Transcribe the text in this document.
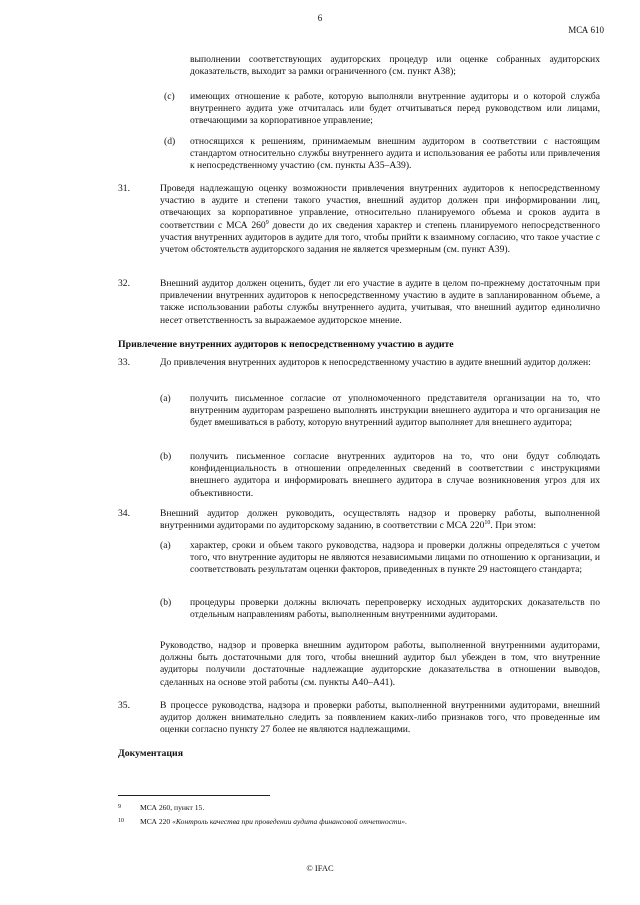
6
МСА 610

выполнении соответствующих аудиторских процедур или оценке собранных аудиторских доказательств, выходит за рамки ограниченного (см. пункт А38);

(c) имеющих отношение к работе, которую выполняли внутренние аудиторы и о которой служба внутреннего аудита уже отчиталась или будет отчитываться перед руководством или лицами, отвечающими за корпоративное управление;

(d) относящихся к решениям, принимаемым внешним аудитором в соответствии с настоящим стандартом относительно службы внутреннего аудита и использования ее работы или привлечения к непосредственному участию (см. пункты А35–А39).

31.	Проведя надлежащую оценку возможности привлечения внутренних аудиторов к непосредственному участию в аудите и степени такого участия, внешний аудитор должен при информировании лиц, отвечающих за корпоративное управление, относительно планируемого объема и сроков аудита в соответствии с МСА $260^9$ довести до их сведения характер и степень планируемого непосредственного участия внутренних аудиторов в аудите для того, чтобы прийти к взаимному согласию, что такое участие с учетом обстоятельств аудиторского задания не является чрезмерным (см. пункт А39).

32.	Внешний аудитор должен оценить, будет ли его участие в аудите в целом по-прежнему достаточным при привлечении внутренних аудиторов к непосредственному участию в аудите в запланированном объеме, а также использовании работы службы внутреннего аудита, учитывая, что внешний аудитор единолично несет ответственность за выражаемое аудиторское мнение.

Привлечение внутренних аудиторов к непосредственному участию в аудите
33.	До привлечения внутренних аудиторов к непосредственному участию в аудите внешний аудитор должен:

(a) получить письменное согласие от уполномоченного представителя организации на то, что внутренним аудиторам разрешено выполнять инструкции внешнего аудитора и что организация не будет вмешиваться в работу, которую внутренний аудитор выполняет для внешнего аудитора;

(b) получить письменное согласие внутренних аудиторов на то, что они будут соблюдать конфиденциальность в отношении определенных сведений в соответствии с инструкциями внешнего аудитора и информировать внешнего аудитора в случае возникновения угроз для их объективности.

34.	Внешний аудитор должен руководить, осуществлять надзор и проверку работы, выполненной внутренними аудиторами по аудиторскому заданию, в соответствии с МСА $220^{10}$. При этом:

(a) характер, сроки и объем такого руководства, надзора и проверки должны определяться с учетом того, что внутренние аудиторы не являются независимыми лицами по отношению к организации, и соответствовать результатам оценки факторов, приведенных в пункте 29 настоящего стандарта;

(b) процедуры проверки должны включать перепроверку исходных аудиторских доказательств по отдельным направлениям работы, выполненным внутренними аудиторами.

Руководство, надзор и проверка внешним аудитором работы, выполненной внутренними аудиторами, должны быть достаточными для того, чтобы внешний аудитор был убежден в том, что внутренние аудиторы получили достаточные надлежащие аудиторские доказательства в отношении выводов, сделанных на основе этой работы (см. пункты А40–А41).

35.	В процессе руководства, надзора и проверки работы, выполненной внутренними аудиторами, внешний аудитор должен внимательно следить за появлением каких-либо признаков того, что проведенные им оценки согласно пункту 27 более не являются надлежащими.

Документация
9	МСА 260, пункт 15.
10 МСА 220 «Контроль качества при проведении аудита финансовой отчетности».
© IFAC
